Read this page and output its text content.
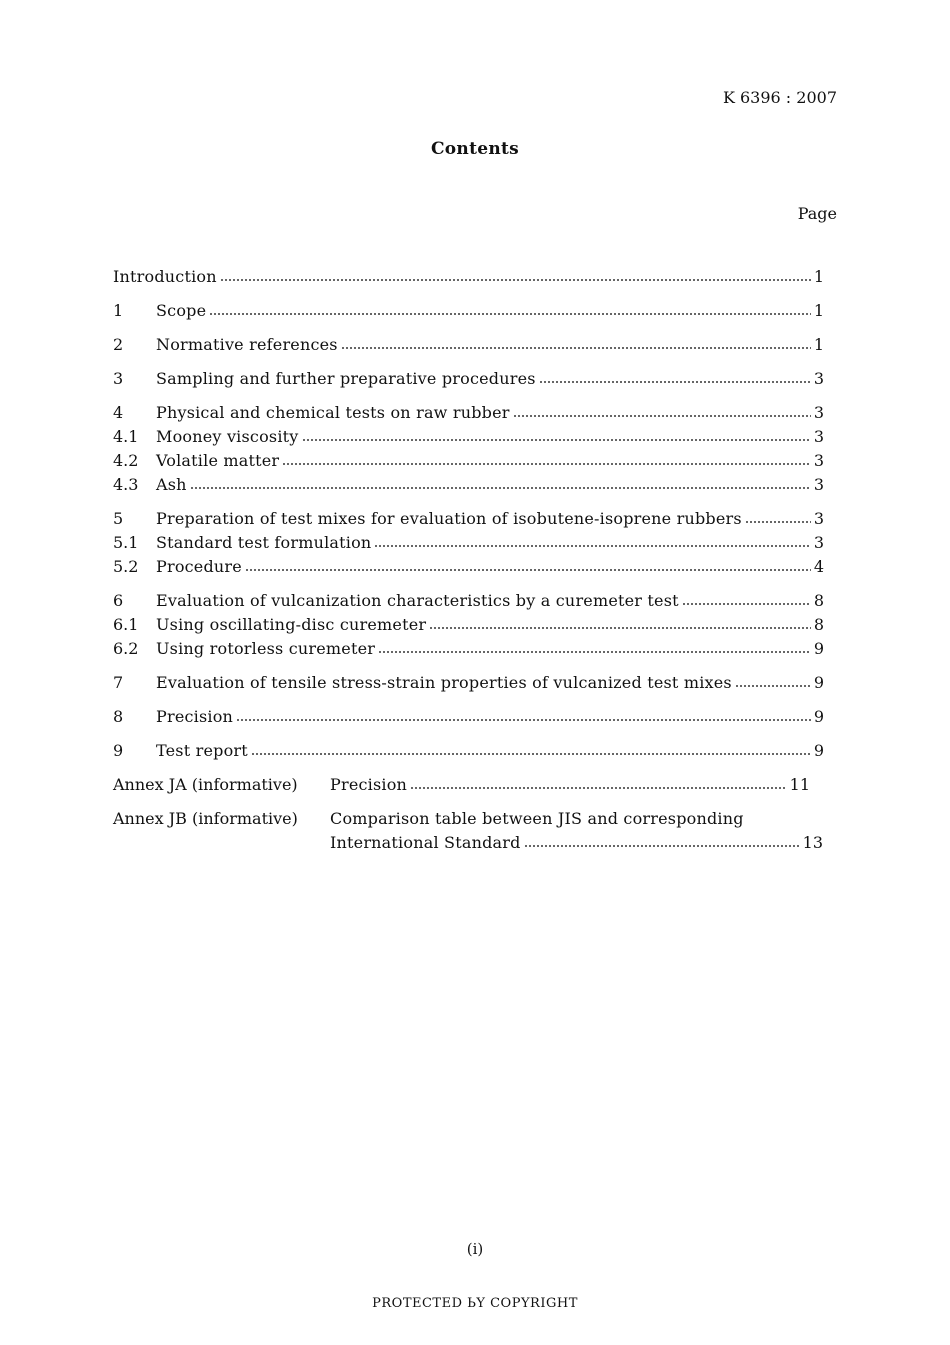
K 6396 : 2007
Contents
Page
Introduction	1
1	Scope	1
2	Normative references	1
3	Sampling and further preparative procedures	3
4	Physical and chemical tests on raw rubber	3
4.1	Mooney viscosity	3
4.2	Volatile matter	3
4.3	Ash	3
5	Preparation of test mixes for evaluation of isobutene-isoprene rubbers	3
5.1	Standard test formulation	3
5.2	Procedure	4
6	Evaluation of vulcanization characteristics by a curemeter test	8
6.1	Using oscillating-disc curemeter	8
6.2	Using rotorless curemeter	9
7	Evaluation of tensile stress-strain properties of vulcanized test mixes	9
8	Precision	9
9	Test report	9
Annex JA (informative)	Precision	11
Annex JB (informative)	Comparison table between JIS and corresponding
International Standard	13
(i)
PROTECTED ЬY COPYRIGHT
